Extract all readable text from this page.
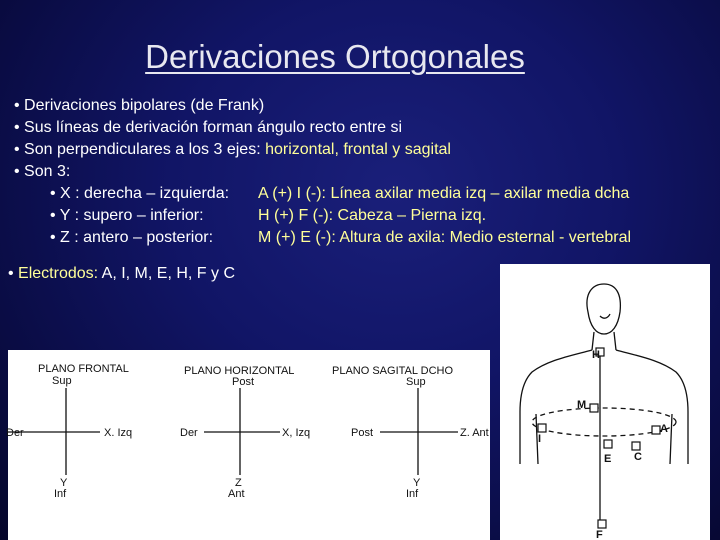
Derivaciones Ortogonales
• Derivaciones bipolares (de Frank)
• Sus líneas de derivación forman ángulo recto entre si
• Son perpendiculares a los 3 ejes: horizontal, frontal y sagital
• Son 3:
• X : derecha – izquierda:	A (+) I (-): Línea axilar media izq – axilar media dcha
• Y : supero – inferior:	H (+) F (-): Cabeza – Pierna izq.
• Z : antero – posterior:	M (+) E (-): Altura de axila: Medio esternal - vertebral
• Electrodos: A, I, M, E, H, F y C
PLANO FRONTAL
Sup
Der	X. Izq
Y
Inf
PLANO HORIZONTAL
Post
Der	X, Izq
Z
Ant
PLANO SAGITAL DCHO
Sup
Post	Z. Ant
Y
Inf
H
M
I
A
E C
F
